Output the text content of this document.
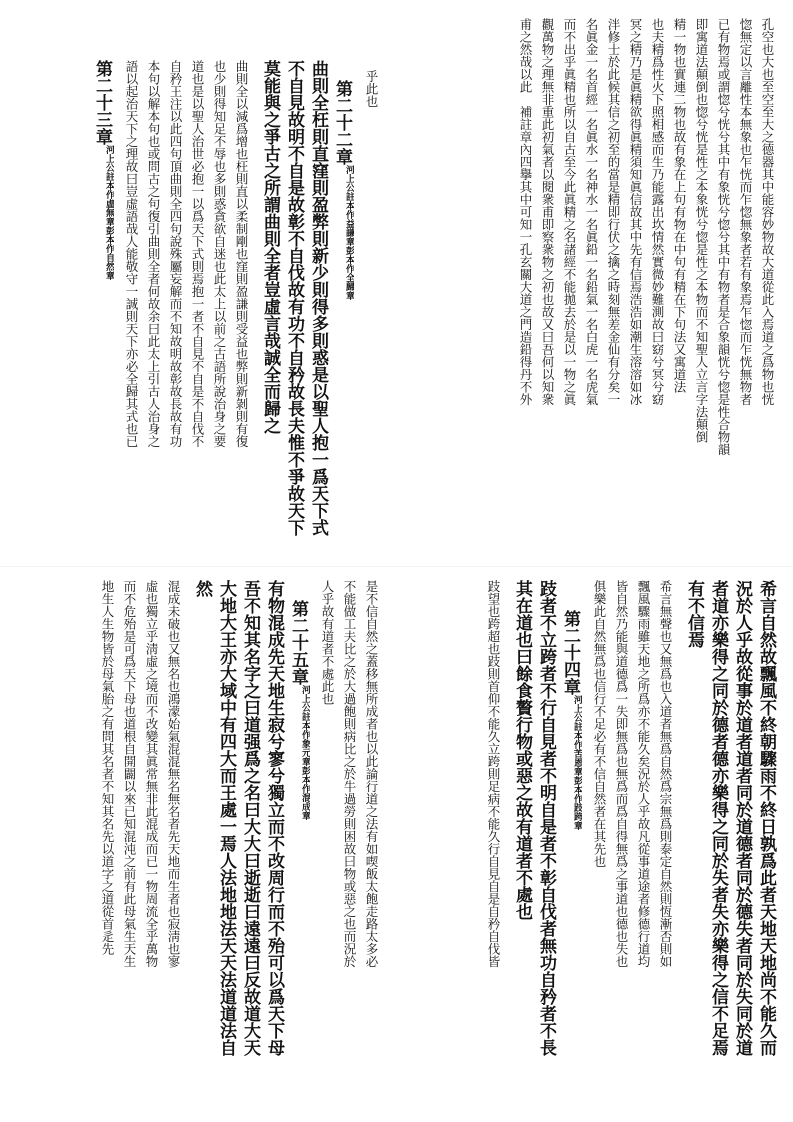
孔空也大也至空至大之德器其中能容妙物故大道從此入焉道之爲物也恍
惚無定以言離性本無象也乍恍而乍惚無象者若有象焉乍惚而乍恍無物者
已有物焉或謂惚兮恍兮其中有象恍兮惚兮其中有物者是合象韻恍兮惚是性合物韻
即寓道法顛倒也惚兮恍是性之本象恍兮惚是性之本物而不知聖人立言字法顛倒
精一物也實連二物也故有象在上句有物在中句有精在下句法又寓道法
也夫精爲性火下照相感而生乃能露出坎情然實微妙難測故曰窈兮冥兮窈
冥之精乃是眞精欲得眞精須知眞信故其中先有信焉浩浩如潮生溶溶如冰
泮修士於此候其信之初至的當是精即行伏之擒之時刻無差金仙有分矣一
名眞金一名首經一名眞水一名神水一名眞鉛一名鉛氣一名白虎一名虎氣
而不出乎眞精也所以自古至今此眞精之名諸經不能拋去於是以一物之眞
觀萬物之理無非重此初氣者以閱衆甫即察衆物之初也故又曰吾何以知衆
甫之然哉以此　補註章內四擧其中可知一孔玄關大道之門造鉛得丹不外
乎此也
第二十二章河上公註本作益謙章彭本作全歸章
曲則全枉則直窪則盈弊則新少則得多則惑是以聖人抱一爲天下式
不自見故明不自是故彰不自伐故有功不自矜故長夫惟不爭故天下
莫能與之爭古之所謂曲則全者豈虛言哉誠全而歸之
曲則全以減爲增也枉則直以柔制剛也窪則盈謙則受益也弊則新剝則有復
也少則得知足不辱也多則惑貪欲自迷也此太上以前之古語所說治身之要
道也是以聖人治世必抱一以爲天下式則焉抱一者不自見不自是不自伐不
自矜王注以此四句頂曲則全四句說殊屬妄解而不知故明故彰故長故有功
本句以解本句也或問古之句復引曲則全者何故余曰此太上引古人治身之
語以起治天下之理故曰豈虛語哉人能敬守一誠則天下亦必全歸其式也已
第二十三章河上公註本作虛無章彭本作自然章
希言自然故飄風不終朝驟雨不終日孰爲此者天地天地尚不能久而
況於人乎故從事於道者道者同於道德者同於德失者同於失同於道
者道亦樂得之同於德者德亦樂得之同於失者失亦樂得之信不足焉
有不信焉
希言無聲也又無爲也入道者無爲自然爲宗無爲則泰定自然則恆漸否則如
飄風驟雨雖天地之所爲亦不能久矣況於人乎故凡從事道途者修德行道均
皆自然乃能與道德爲一失即無爲也無爲而爲自得無爲之事道也德也失也
俱樂此自然無爲也信行不足必有不信自然者在其先也
第二十四章河上公註本作苦恩章彭本作跂跨章
跂者不立跨者不行自見者不明自是者不彰自伐者無功自矜者不長
其在道也曰餘食贅行物或惡之故有道者不處也
跂望也跨超也跂則首仰不能久立跨則足病不能久行自見自是自矜自伐皆
是不信自然之蓋移無所成者也以此論行道之法有如喫飯太飽走路太多必
不能做工夫比之於大過飽則病比之於牛過勞則困故曰物或惡之也而況於
人乎故有道者不處此也
第二十五章河上公註本作象元章彭本作混成章
有物混成先天地生寂兮寥兮獨立而不改周行而不殆可以爲天下母
吾不知其名字之曰道强爲之名曰大大曰逝逝曰遠遠曰反故道大天
大地大王亦大域中有四大而王處一焉人法地地法天天法道道法自
然
混成未破也又無名也鴻濛始氣混混無名無名者先天地而生者也寂淸也寥
虛也獨立乎淸虛之境而不改變其眞常無非此混成而已一物周流全乎萬物
而不危殆是可爲天下母也道根自開闢以來已知混沌之前有此母氣生天生
地生人生物皆於母氣胎之有問其名者不知其名先以道字之道從首辵先
